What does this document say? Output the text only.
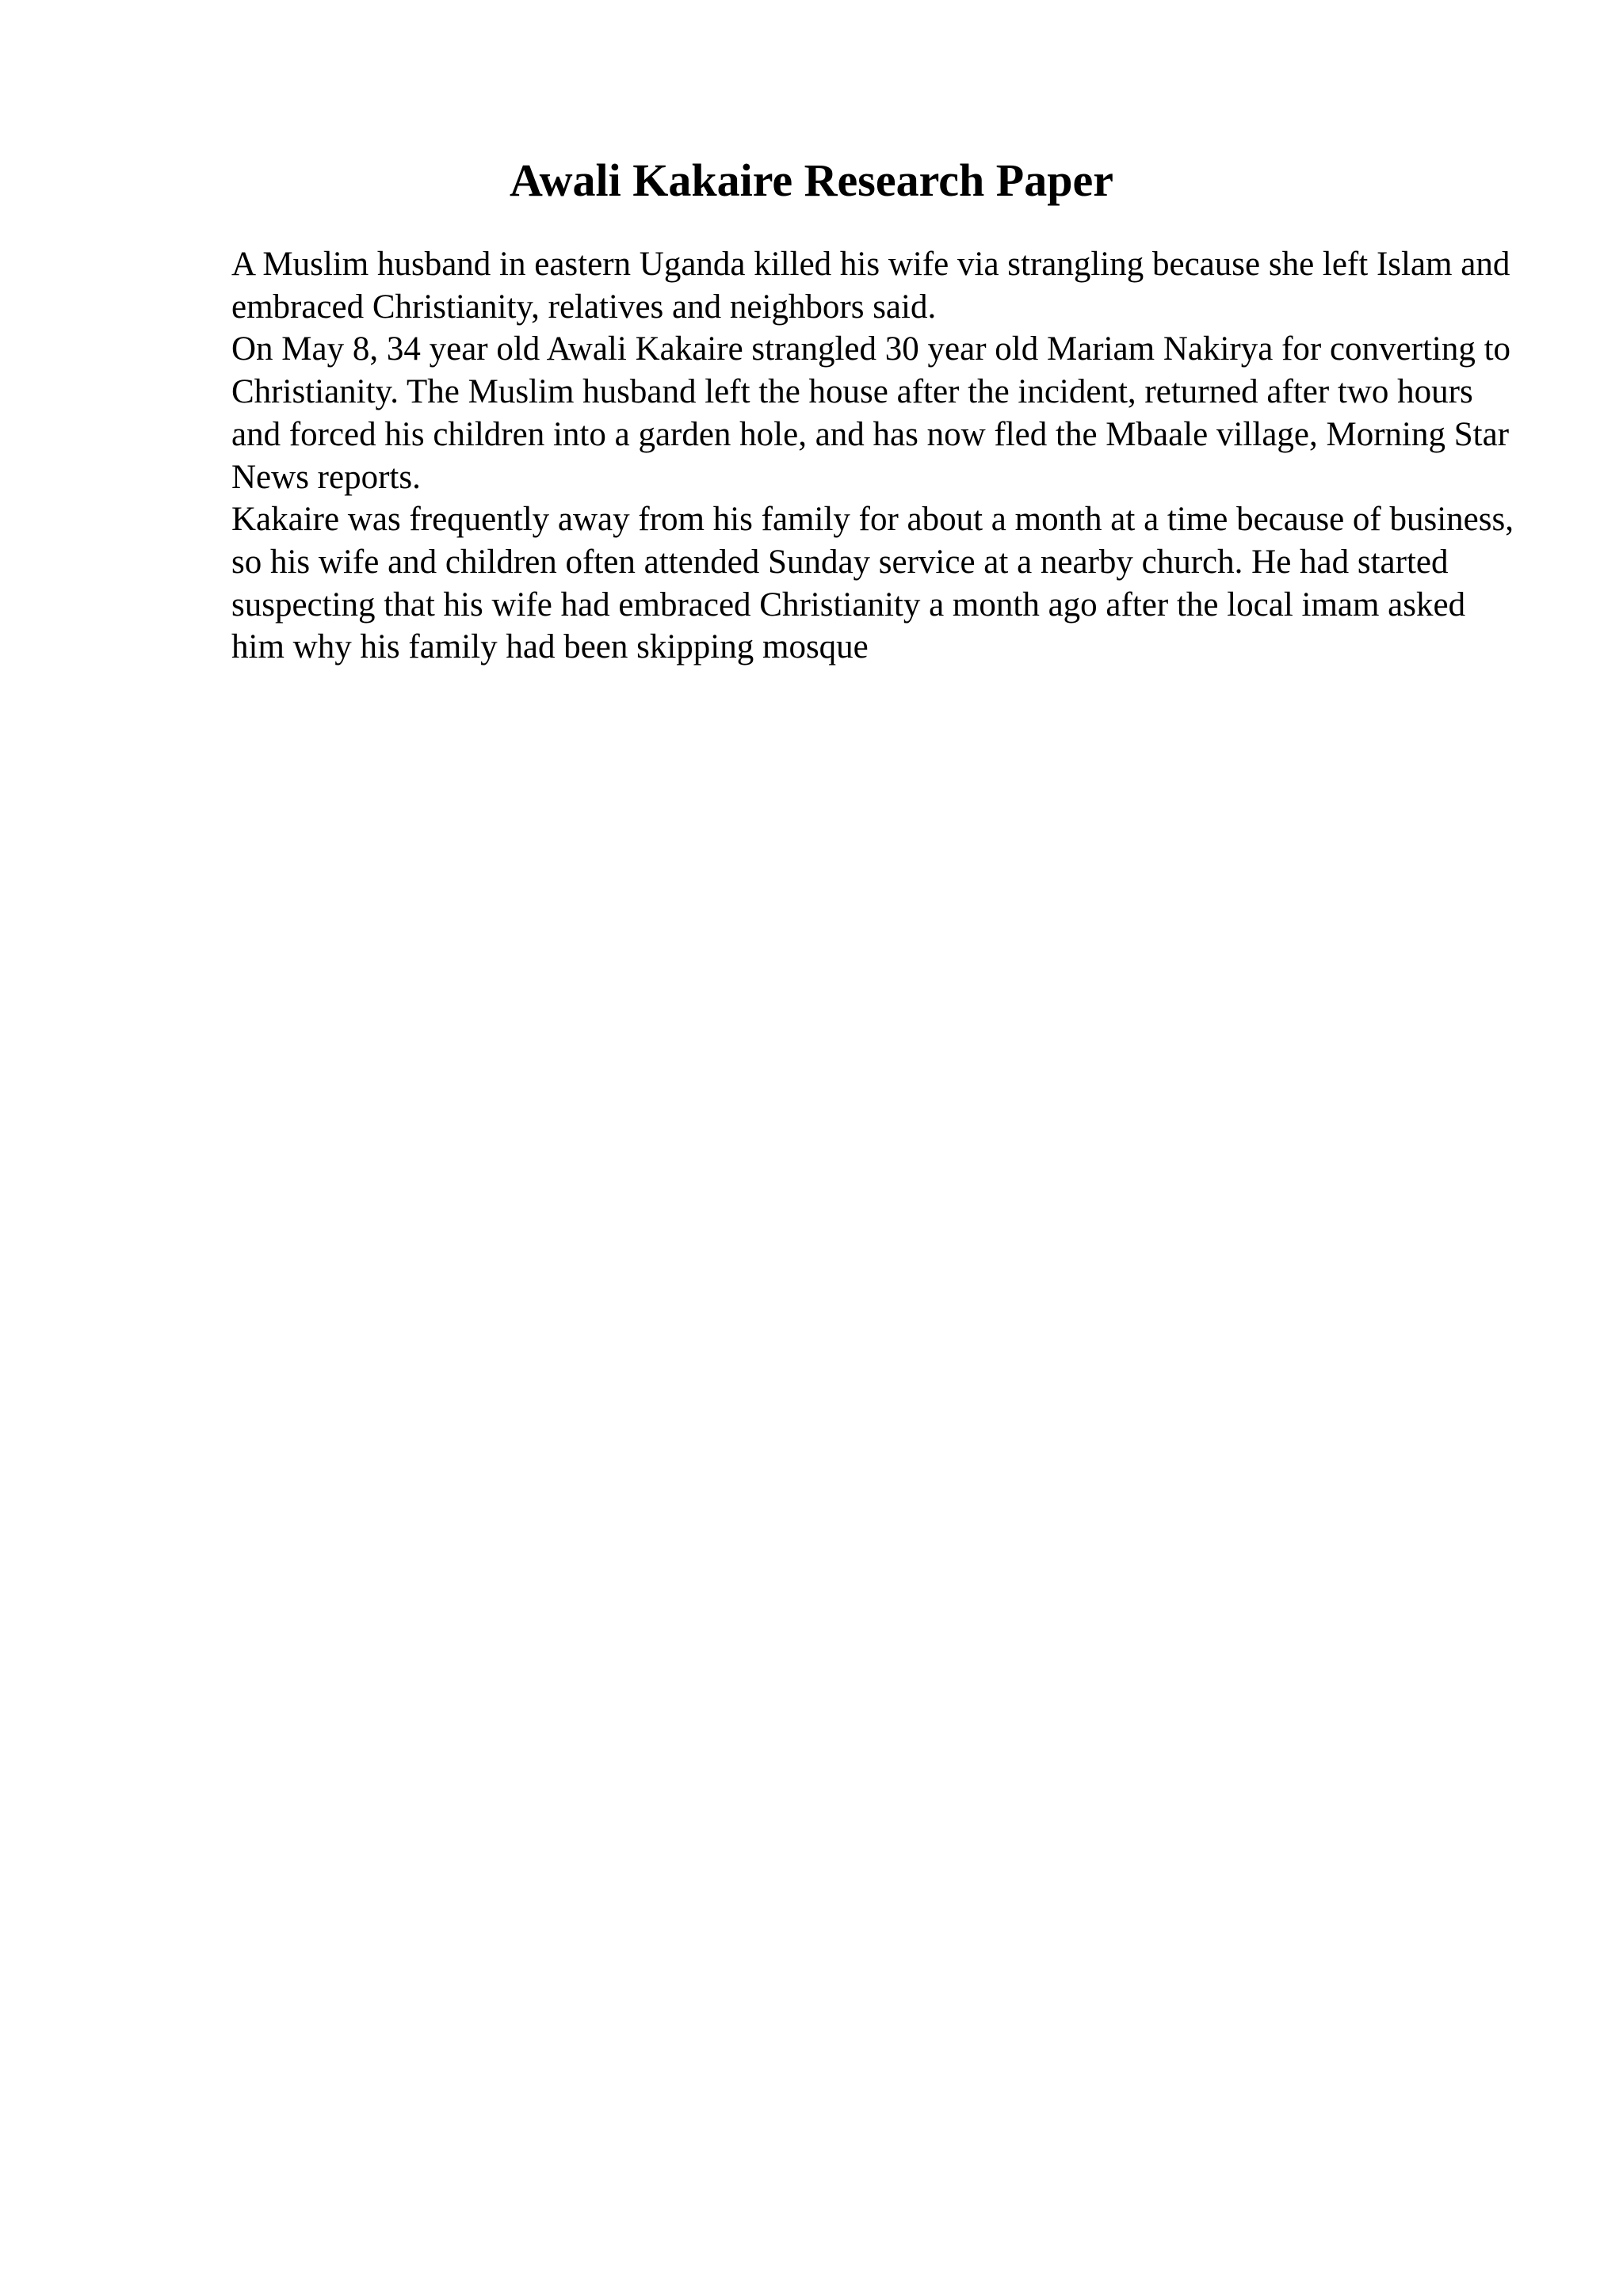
Awali Kakaire Research Paper

A Muslim husband in eastern Uganda killed his wife via strangling because she left Islam and embraced Christianity, relatives and neighbors said.

On May 8, 34 year old Awali Kakaire strangled 30 year old Mariam Nakirya for converting to Christianity. The Muslim husband left the house after the incident, returned after two hours and forced his children into a garden hole, and has now fled the Mbaale village, Morning Star News reports.

Kakaire was frequently away from his family for about a month at a time because of business, so his wife and children often attended Sunday service at a nearby church. He had started suspecting that his wife had embraced Christianity a month ago after the local imam asked him why his family had been skipping mosque
